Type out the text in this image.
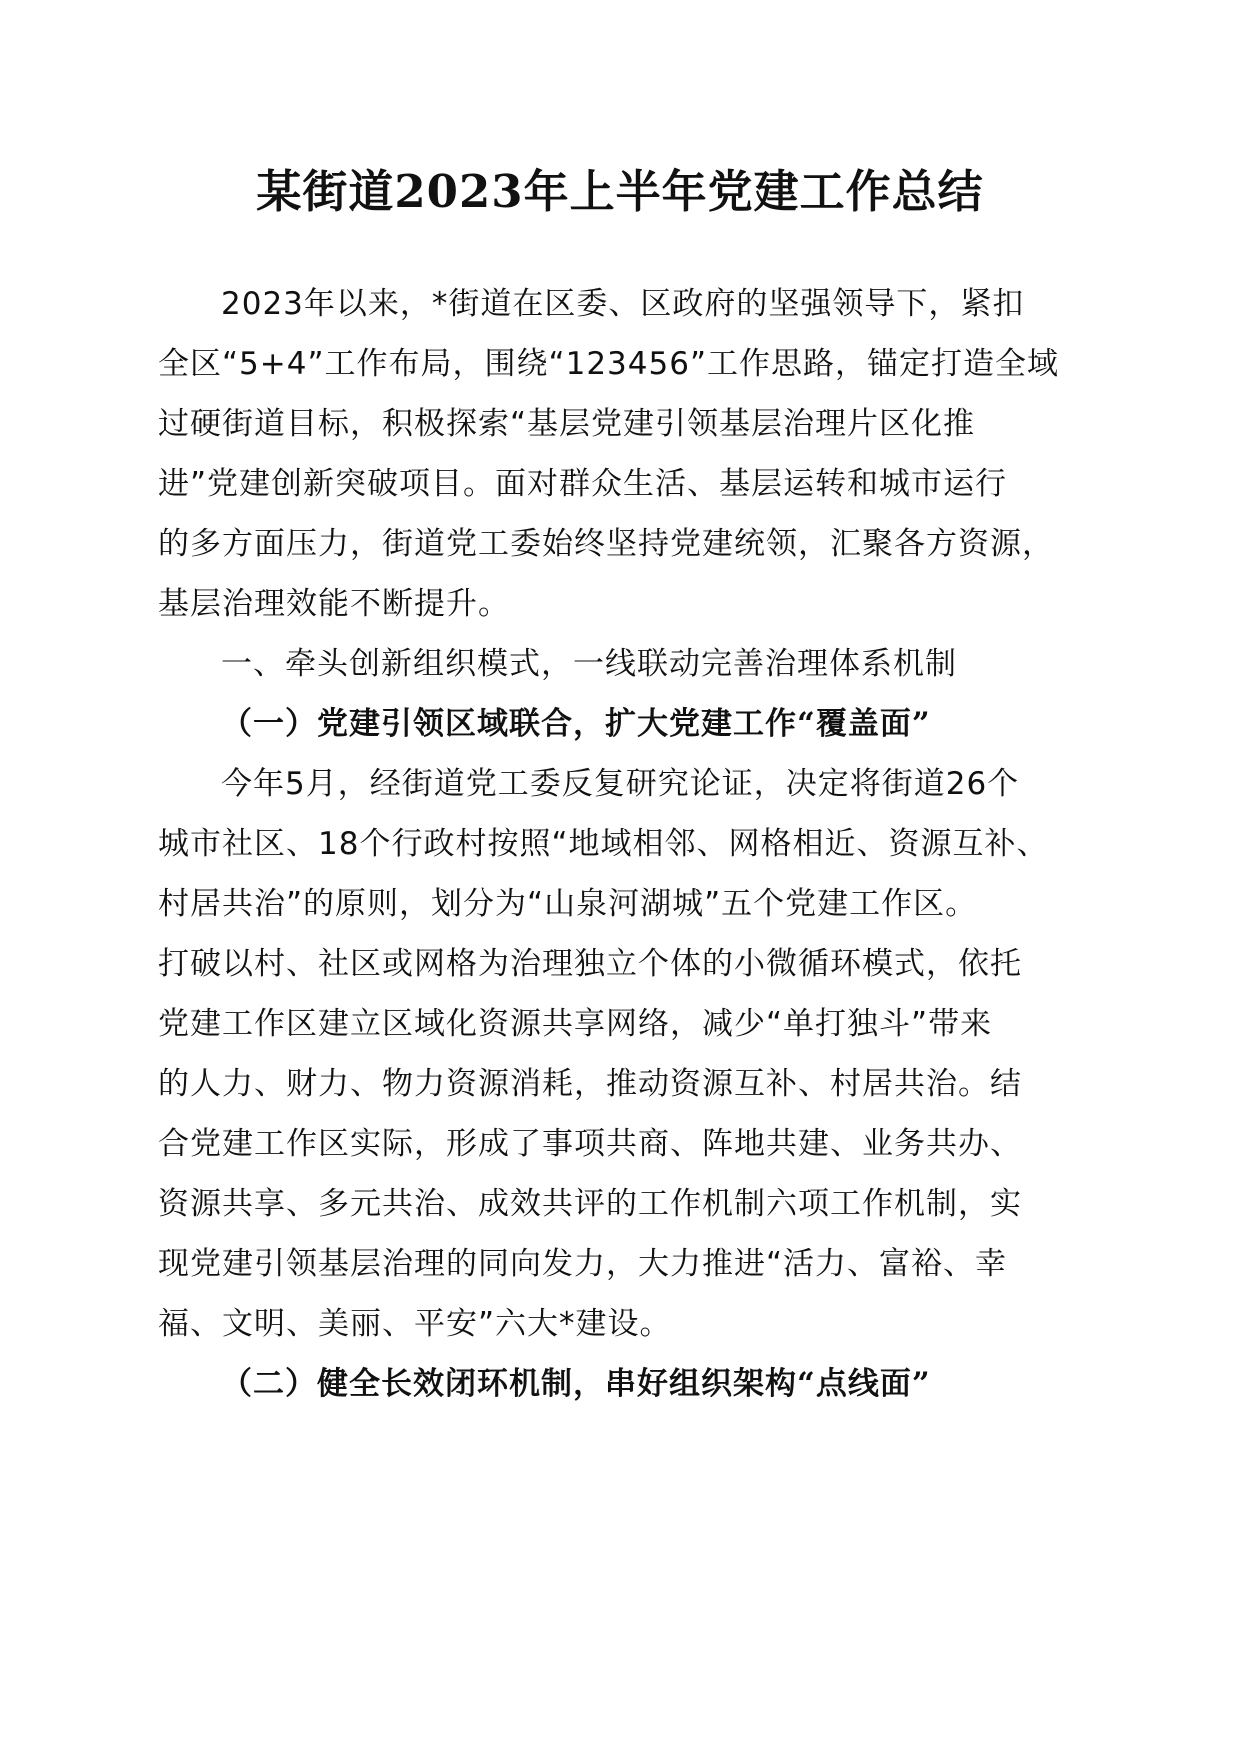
某街道2023年上半年党建工作总结
2023年以来，*街道在区委、区政府的坚强领导下，紧扣
全区“5+4”工作布局，围绕“123456”工作思路，锚定打造全域
过硬街道目标，积极探索“基层党建引领基层治理片区化推
进”党建创新突破项目。面对群众生活、基层运转和城市运行
的多方面压力，街道党工委始终坚持党建统领，汇聚各方资源，
基层治理效能不断提升。
一、牵头创新组织模式，一线联动完善治理体系机制
（一）党建引领区域联合，扩大党建工作“覆盖面”
今年5月，经街道党工委反复研究论证，决定将街道26个
城市社区、18个行政村按照“地域相邻、网格相近、资源互补、
村居共治”的原则，划分为“山泉河湖城”五个党建工作区。
打破以村、社区或网格为治理独立个体的小微循环模式，依托
党建工作区建立区域化资源共享网络，减少“单打独斗”带来
的人力、财力、物力资源消耗，推动资源互补、村居共治。结
合党建工作区实际，形成了事项共商、阵地共建、业务共办、
资源共享、多元共治、成效共评的工作机制六项工作机制，实
现党建引领基层治理的同向发力，大力推进“活力、富裕、幸
福、文明、美丽、平安”六大*建设。
（二）健全长效闭环机制，串好组织架构“点线面”
